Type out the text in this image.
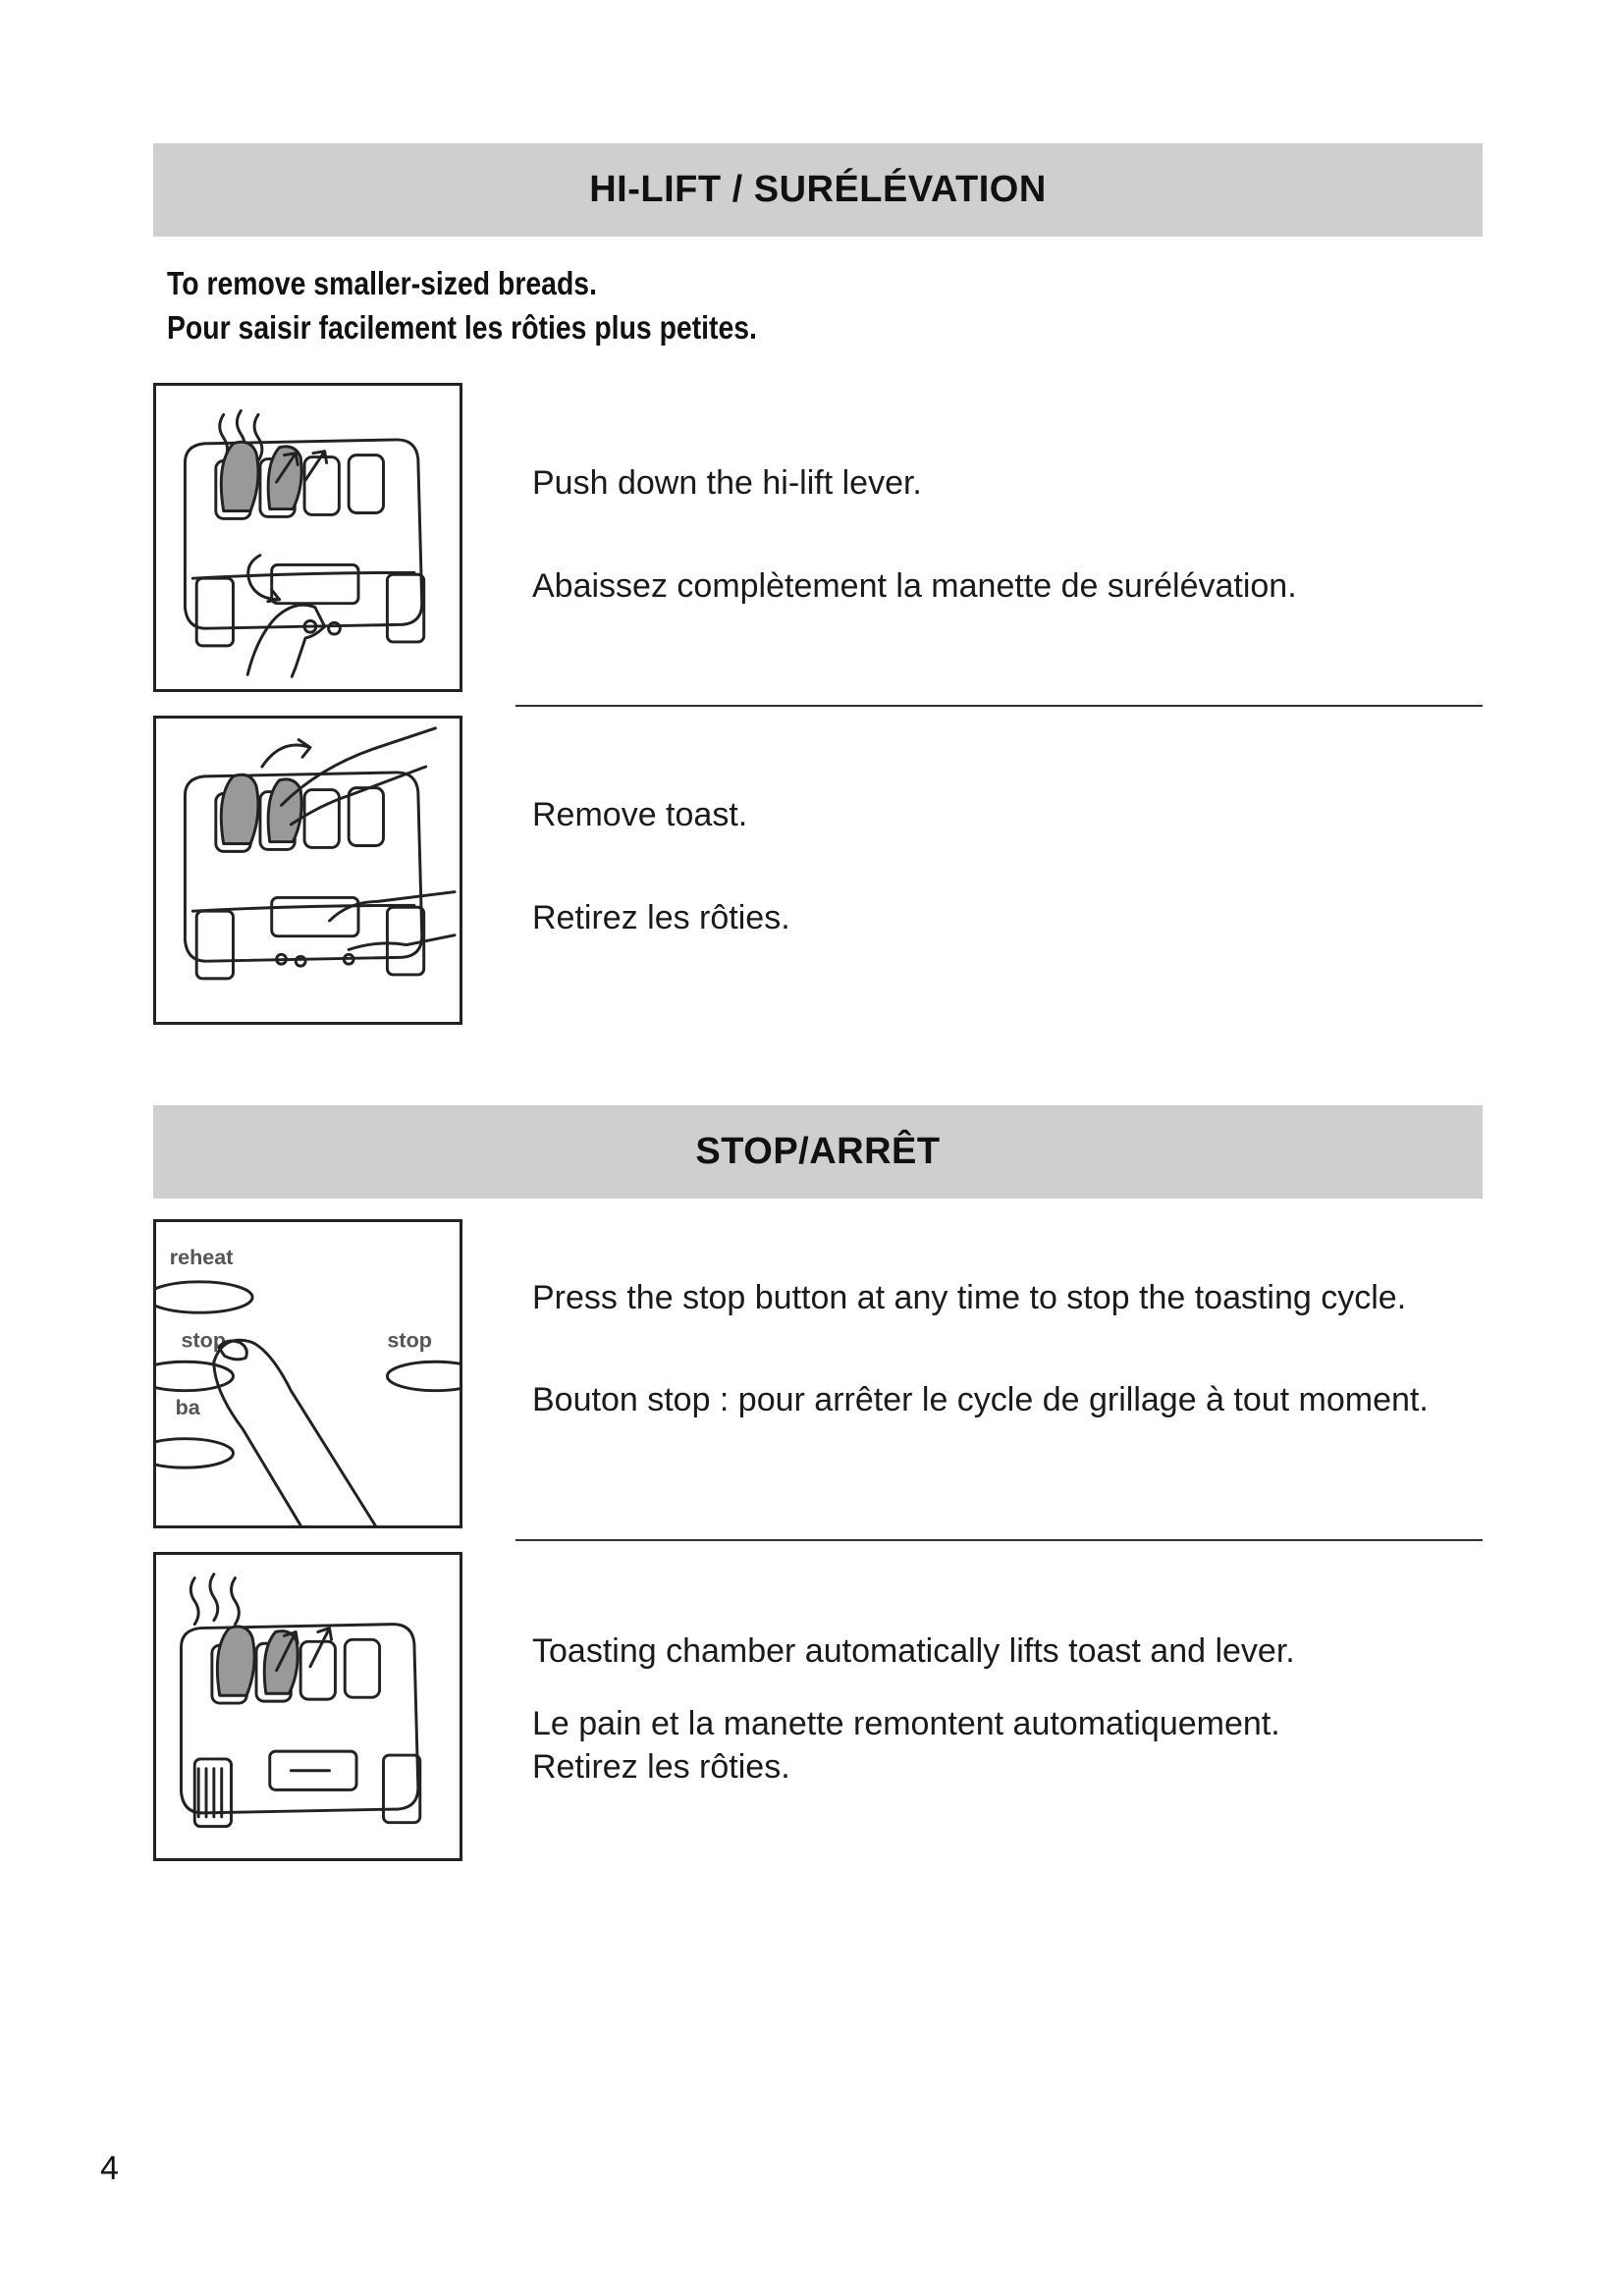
HI-LIFT / SURÉLÉVATION
To remove smaller-sized breads.
Pour saisir facilement les rôties plus petites.

Push down the hi-lift lever.

Abaissez complètement la manette de surélévation.

Remove toast.

Retirez les rôties.

STOP/ARRÊT
reheat
stop	stop
ba

Press the stop button at any time to stop the toasting cycle.

Bouton stop : pour arrêter le cycle de grillage à tout moment.

Toasting chamber automatically lifts toast and lever.

Le pain et la manette remontent automatiquement.

Retirez les rôties.

4
